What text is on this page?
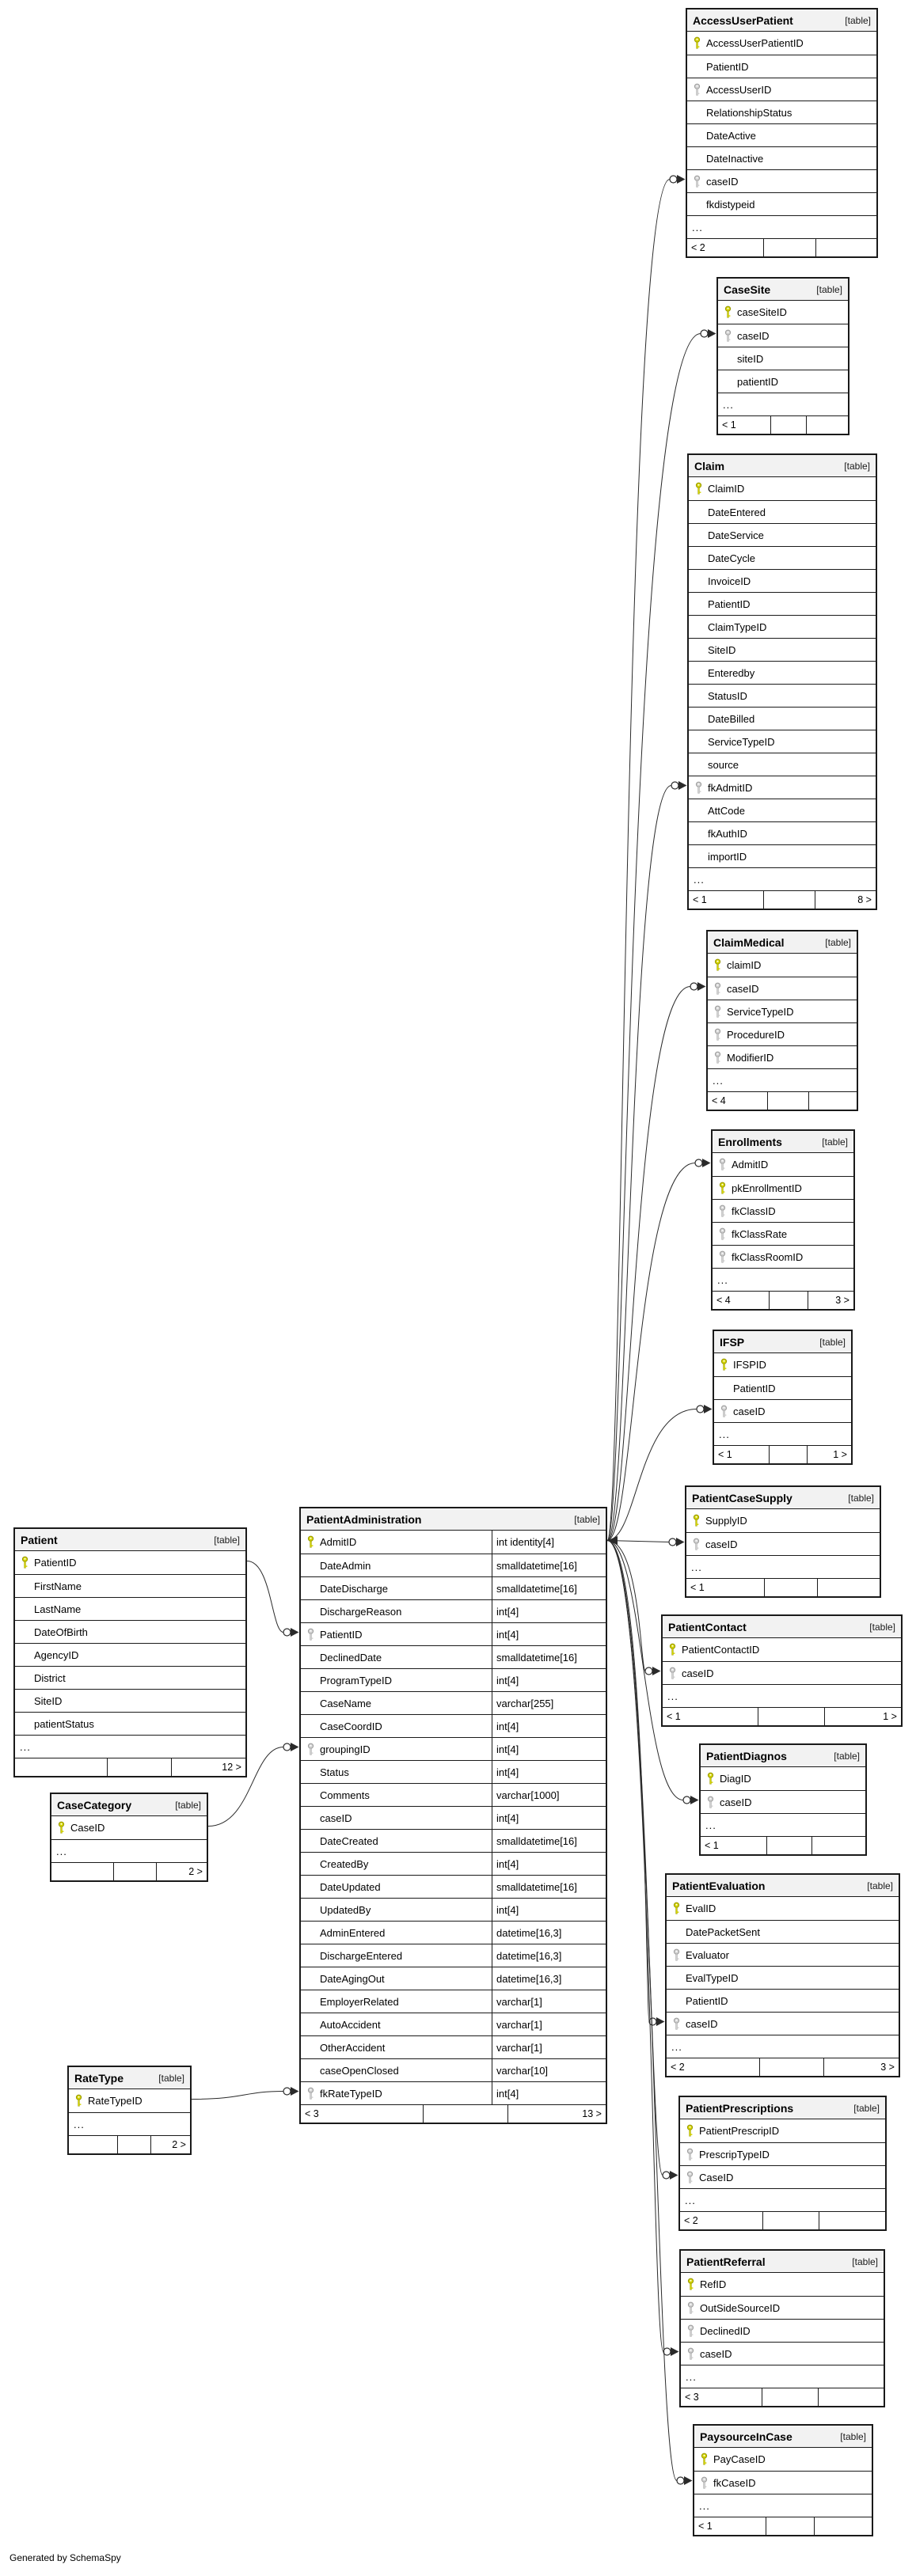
AccessUserPatient	[table]
AccessUserPatientID
PatientID
AccessUserID
RelationshipStatus
DateActive
DateInactive
caseID
fkdistypeid
...
< 2
CaseSite	[table]
caseSiteID
caseID
siteID
patientID
...
< 1
Claim	[table]
ClaimID
DateEntered
DateService
DateCycle
InvoiceID
PatientID
ClaimTypeID
SiteID
Enteredby
StatusID
DateBilled
ServiceTypeID
source
fkAdmitID
AttCode
fkAuthID
importID
...
< 1	8 >
ClaimMedical	[table]
claimID
caseID
ServiceTypeID
ProcedureID
ModifierID
...
< 4
Enrollments	[table]
AdmitID
pkEnrollmentID
fkClassID
fkClassRate
fkClassRoomID
...
< 4	3 >
IFSP	[table]
IFSPID
PatientID
caseID
...
< 1	1 >
PatientCaseSupply	[table]
SupplyID
caseID
...
< 1
PatientContact	[table]
PatientContactID
caseID
...
< 1	1 >
PatientDiagnos	[table]
DiagID
caseID
...
< 1
PatientEvaluation	[table]
EvalID
DatePacketSent
Evaluator
EvalTypeID
PatientID
caseID
...
< 2	3 >
PatientPrescriptions	[table]
PatientPrescripID
PrescripTypeID
CaseID
...
< 2
PatientReferral	[table]
RefID
OutSideSourceID
DeclinedID
caseID
...
< 3
PaysourceInCase	[table]
PayCaseID
fkCaseID
...
< 1
Patient	[table]
PatientID
FirstName
LastName
DateOfBirth
AgencyID
District
SiteID
patientStatus
...
12 >
PatientAdministration	[table]
AdmitID	int identity[4]
DateAdmin	smalldatetime[16]
DateDischarge	smalldatetime[16]
DischargeReason	int[4]
PatientID	int[4]
DeclinedDate	smalldatetime[16]
ProgramTypeID	int[4]
CaseName	varchar[255]
CaseCoordID	int[4]
groupingID	int[4]
Status	int[4]
Comments	varchar[1000]
caseID	int[4]
DateCreated	smalldatetime[16]
CreatedBy	int[4]
DateUpdated	smalldatetime[16]
UpdatedBy	int[4]
AdminEntered	datetime[16,3]
DischargeEntered	datetime[16,3]
DateAgingOut	datetime[16,3]
EmployerRelated	varchar[1]
AutoAccident	varchar[1]
OtherAccident	varchar[1]
caseOpenClosed	varchar[10]
fkRateTypeID	int[4]
< 3	13 >
CaseCategory	[table]
CaseID
...
2 >
RateType	[table]
RateTypeID
...
2 >
Generated by SchemaSpy
